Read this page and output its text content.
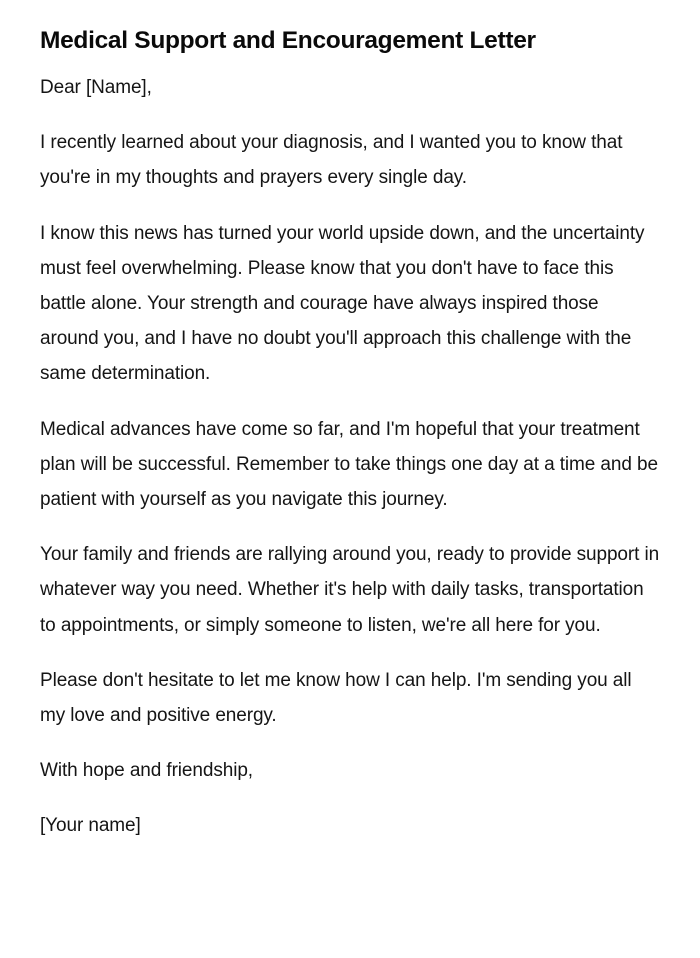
Medical Support and Encouragement Letter

Dear [Name],

I recently learned about your diagnosis, and I wanted you to know that you're in my thoughts and prayers every single day.

I know this news has turned your world upside down, and the uncertainty must feel overwhelming. Please know that you don't have to face this battle alone. Your strength and courage have always inspired those around you, and I have no doubt you'll approach this challenge with the same determination.

Medical advances have come so far, and I'm hopeful that your treatment plan will be successful. Remember to take things one day at a time and be patient with yourself as you navigate this journey.

Your family and friends are rallying around you, ready to provide support in whatever way you need. Whether it's help with daily tasks, transportation to appointments, or simply someone to listen, we're all here for you.

Please don't hesitate to let me know how I can help. I'm sending you all my love and positive energy.

With hope and friendship,

[Your name]
